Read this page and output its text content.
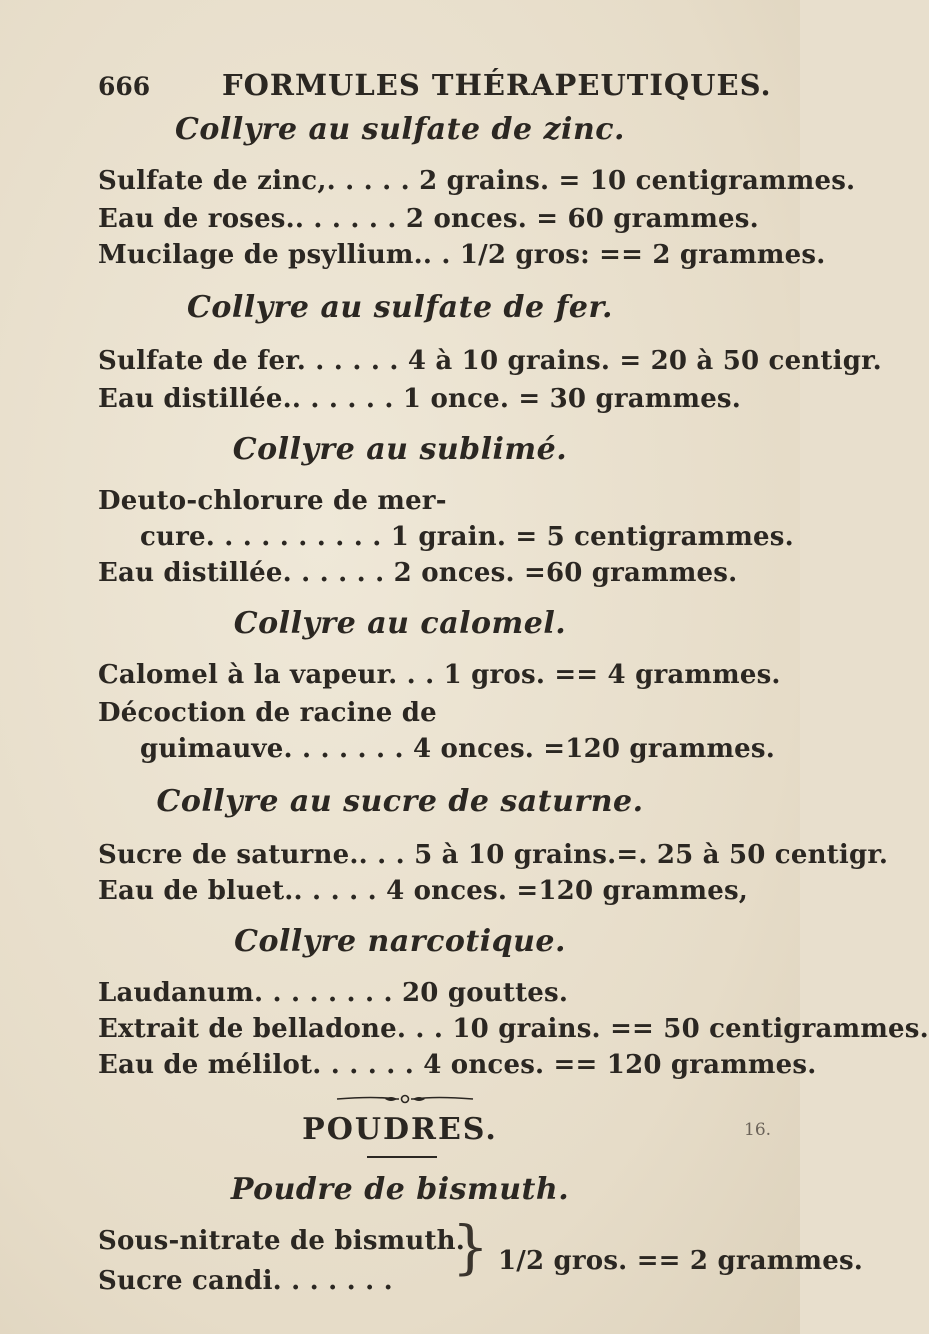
666 FORMULES THÉRAPEUTIQUES.
Collyre au sulfate de zinc.
Sulfate de zinc,. . . . . 2 grains. = 10 centigrammes.
Eau de roses.. . . . . . 2 onces. = 60 grammes.
Mucilage de psyllium.. . 1/2 gros: == 2 grammes.
Collyre au sulfate de fer.
Sulfate de fer. . . . . . 4 à 10 grains. = 20 à 50 centigr.
Eau distillée.. . . . . . 1 once. = 30 grammes.
Collyre au sublimé.
Deuto-chlorure de mer-
cure. . . . . . . . . . 1 grain. = 5 centigrammes.
Eau distillée. . . . . . 2 onces. =60 grammes.
Collyre au calomel.
Calomel à la vapeur. . . 1 gros. == 4 grammes.
Décoction de racine de
guimauve. . . . . . . 4 onces. =120 grammes.
Collyre au sucre de saturne.
Sucre de saturne.. . . 5 à 10 grains.=. 25 à 50 centigr.
Eau de bluet.. . . . . 4 onces. =120 grammes,
Collyre narcotique.
Laudanum. . . . . . . . 20 gouttes.
Extrait de belladone. . . 10 grains. == 50 centigrammes.
Eau de mélilot. . . . . . 4 onces. == 120 grammes.
POUDRES.
Poudre de bismuth.
Sous-nitrate de bismuth.
Sucre candi. . . . . . . } 1/2 gros. == 2 grammes.
16.
